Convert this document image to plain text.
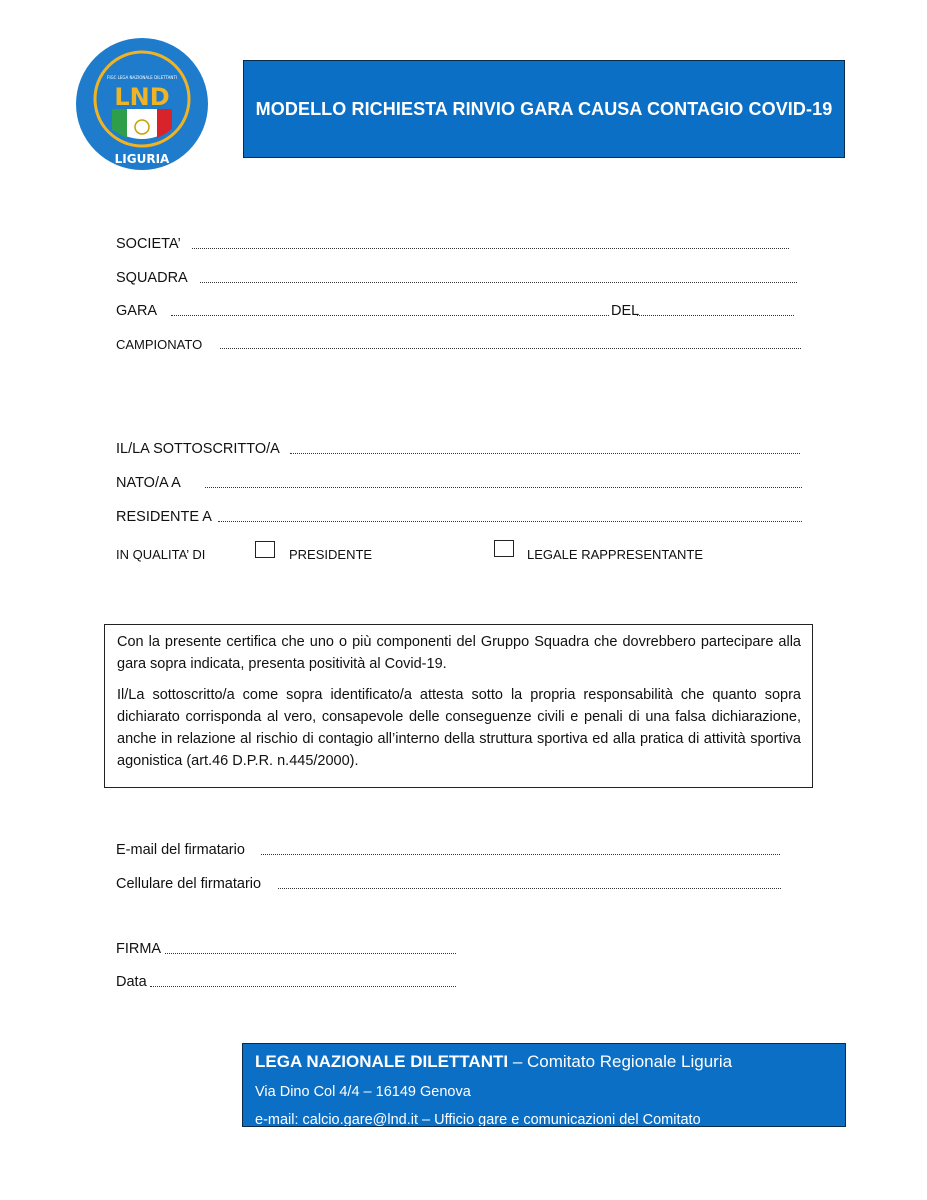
FIGC LEGA NAZIONALE DILETTANTI
LND
LIGURIA
MODELLO RICHIESTA RINVIO GARA CAUSA CONTAGIO COVID-19
SOCIETA’
SQUADRA
GARA	DEL
CAMPIONATO
IL/LA SOTTOSCRITTO/A
NATO/A A
RESIDENTE A
IN QUALITA’ DI	PRESIDENTE	LEGALE RAPPRESENTANTE

Con la presente certifica che uno o più componenti del Gruppo Squadra che dovrebbero partecipare alla gara sopra indicata, presenta positività al Covid-19.

Il/La sottoscritto/a come sopra identificato/a attesta sotto la propria responsabilità che quanto sopra dichiarato corrisponda al vero, consapevole delle conseguenze civili e penali di una falsa dichiarazione, anche in relazione al rischio di contagio all’interno della struttura sportiva ed alla pratica di attività sportiva agonistica (art.46 D.P.R. n.445/2000).

E-mail del firmatario
Cellulare del firmatario
FIRMA
Data
LEGA NAZIONALE DILETTANTI – Comitato Regionale Liguria
Via Dino Col 4/4 – 16149 Genova
e-mail: calcio.gare@lnd.it – Ufficio gare e comunicazioni del Comitato
